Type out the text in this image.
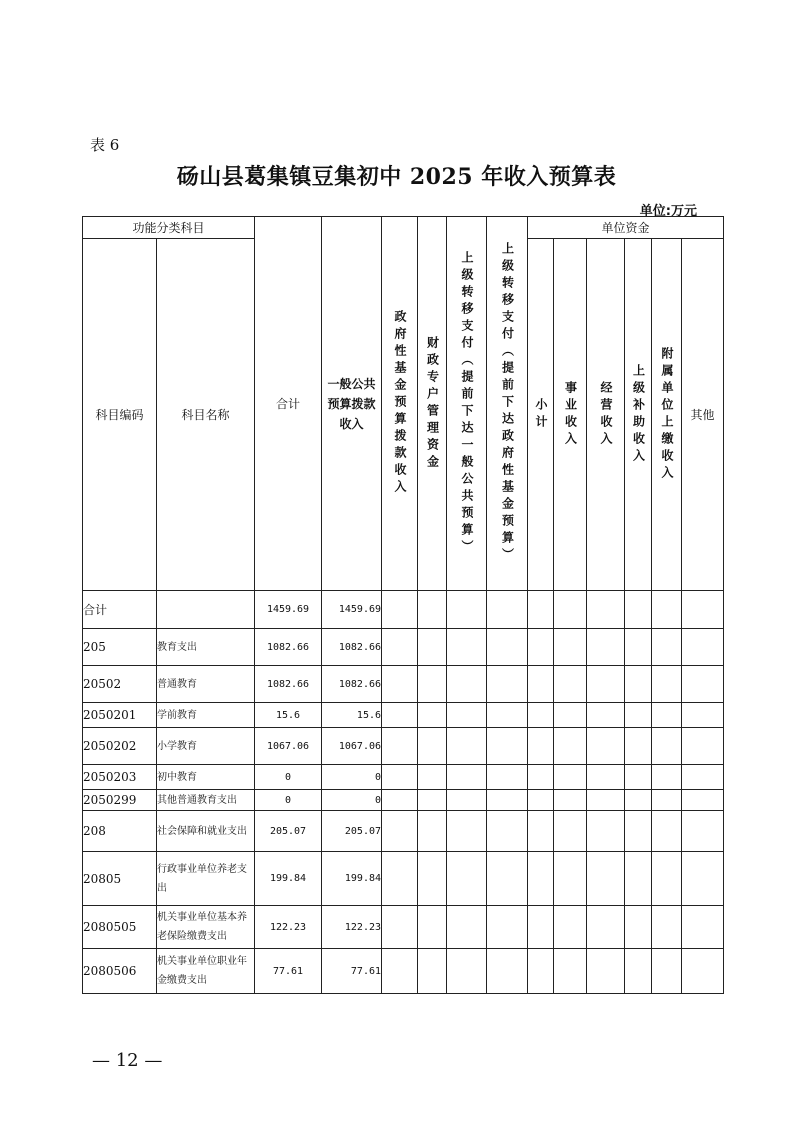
表 6
砀山县葛集镇豆集初中 2025 年收入预算表
单位:万元
功能分类科目		合计	一般公共预算拨款收入	政府性基金预算拨款收入	财政专户管理资金	上级转移支付（提前下达一般公共预算）	上级转移支付（提前下达政府性基金预算）	单位资金					
科目编码	科目名称							小计	事业收入	经营收入	上级补助收入	附属单位上缴收入	其他
合计		1459.69	1459.69										
205	教育支出	1082.66	1082.66										
20502	普通教育	1082.66	1082.66										
2050201	学前教育	15.6	15.6										
2050202	小学教育	1067.06	1067.06										
2050203	初中教育	0	0										
2050299	其他普通教育支出	0	0										
208	社会保障和就业支出	205.07	205.07										
20805	行政事业单位养老支出	199.84	199.84										
2080505	机关事业单位基本养老保险缴费支出	122.23	122.23										
2080506	机关事业单位职业年金缴费支出	77.61	77.61										
— 12 —
